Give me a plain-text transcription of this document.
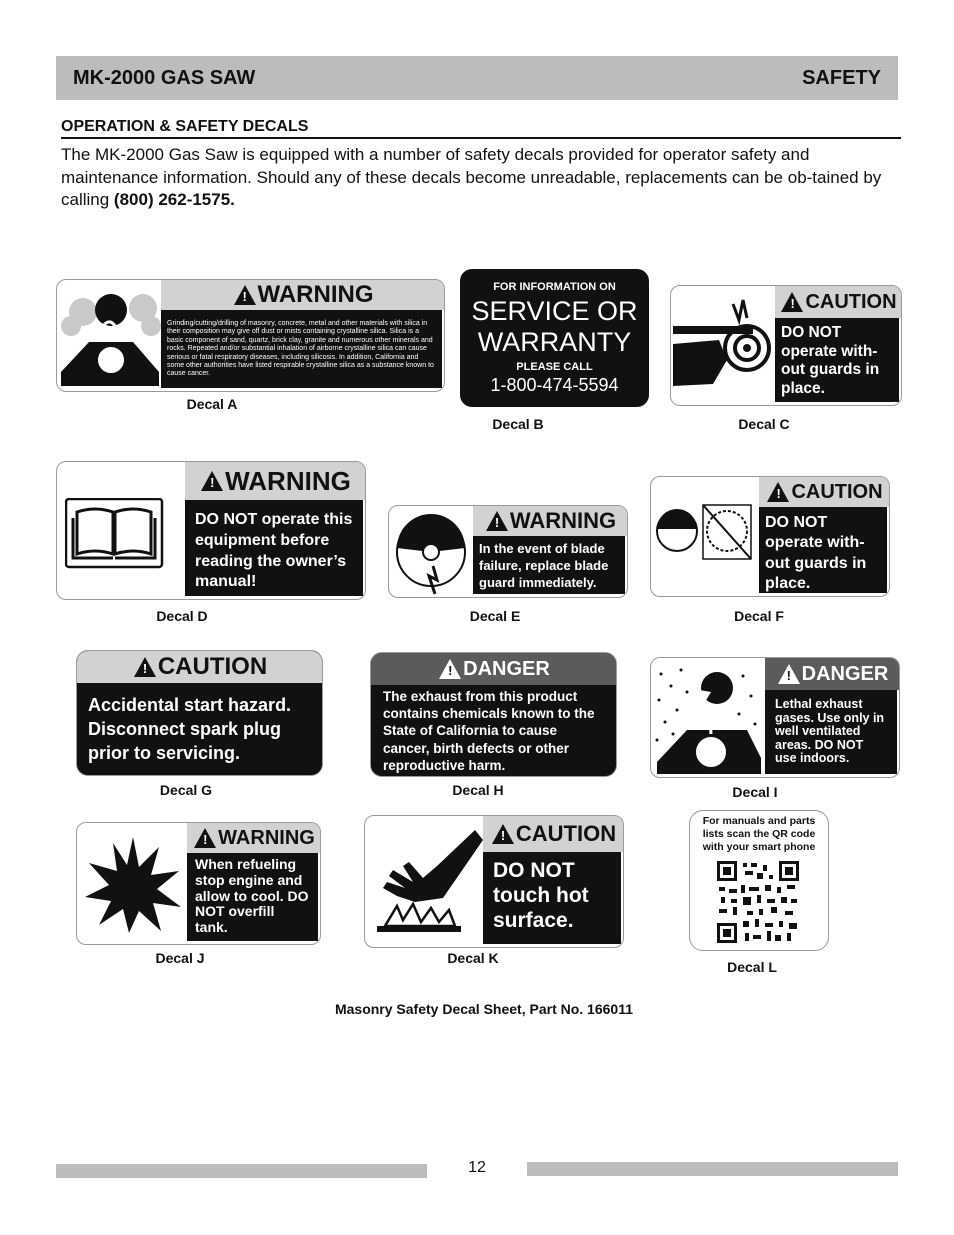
MK-2000 GAS SAW	SAFETY
OPERATION & SAFETY DECALS
The MK-2000 Gas Saw is equipped with a number of safety decals provided for operator safety and maintenance information. Should any of these decals become unreadable, replacements can be ob-tained by calling (800) 262-1575.
!
WARNING
Grinding/cutting/drilling of masonry, concrete, metal and other materials with silica in their composition may give off dust or mists containing crystalline silica. Silica is a basic component of sand, quartz, brick clay, granite and numerous other minerals and rocks. Repeated and/or substantial inhalation of airborne crystalline silica can cause serious or fatal respiratory diseases, including silicosis. In addition, California and some other authorities have listed respirable crystalline silica as a substance known to cause cancer.
Decal A
FOR INFORMATION ON
SERVICE OR
WARRANTY
PLEASE CALL
1-800-474-5594
Decal B
!
CAUTION
DO NOT operate with-out guards in place.
Decal C
!
WARNING
DO NOT operate this equipment before reading the owner’s manual!
Decal D
!
WARNING
In the event of blade failure, replace blade guard immediately.
Decal E
!
CAUTION
DO NOT operate with-out guards in place.
Decal F
!
CAUTION
Accidental start hazard. Disconnect spark plug prior to servicing.
Decal G
!
DANGER
The exhaust from this product contains chemicals known to the State of California to cause cancer, birth defects or other reproductive harm.
Decal H
!
DANGER
Lethal exhaust gases. Use only in well ventilated areas. DO NOT use indoors.
Decal I
!
WARNING
When refueling stop engine and allow to cool. DO NOT overfill tank.
Decal J
!
CAUTION
DO NOT touch hot surface.
Decal K
For manuals and parts lists scan the QR code with your smart phone
Decal L
Masonry Safety Decal Sheet, Part No. 166011
12
